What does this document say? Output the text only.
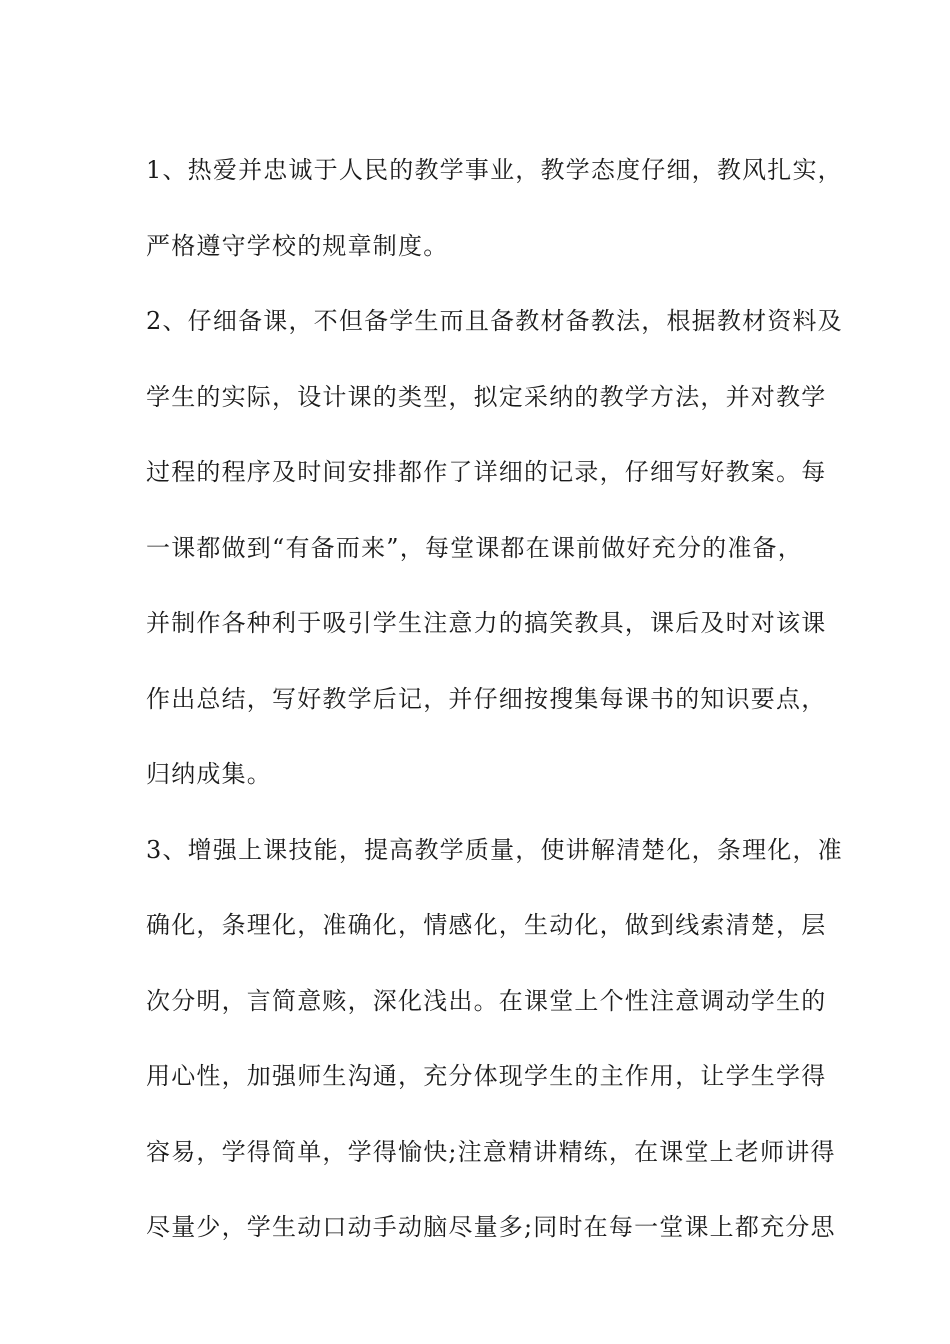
1、热爱并忠诚于人民的教学事业，教学态度仔细，教风扎实，
严格遵守学校的规章制度。
2、仔细备课，不但备学生而且备教材备教法，根据教材资料及
学生的实际，设计课的类型，拟定采纳的教学方法，并对教学
过程的程序及时间安排都作了详细的记录，仔细写好教案。每
一课都做到“有备而来”，每堂课都在课前做好充分的准备，
并制作各种利于吸引学生注意力的搞笑教具，课后及时对该课
作出总结，写好教学后记，并仔细按搜集每课书的知识要点，
归纳成集。
3、增强上课技能，提高教学质量，使讲解清楚化，条理化，准
确化，条理化，准确化，情感化，生动化，做到线索清楚，层
次分明，言简意赅，深化浅出。在课堂上个性注意调动学生的
用心性，加强师生沟通，充分体现学生的主作用，让学生学得
容易，学得简单，学得愉快;注意精讲精练，在课堂上老师讲得
尽量少，学生动口动手动脑尽量多;同时在每一堂课上都充分思
